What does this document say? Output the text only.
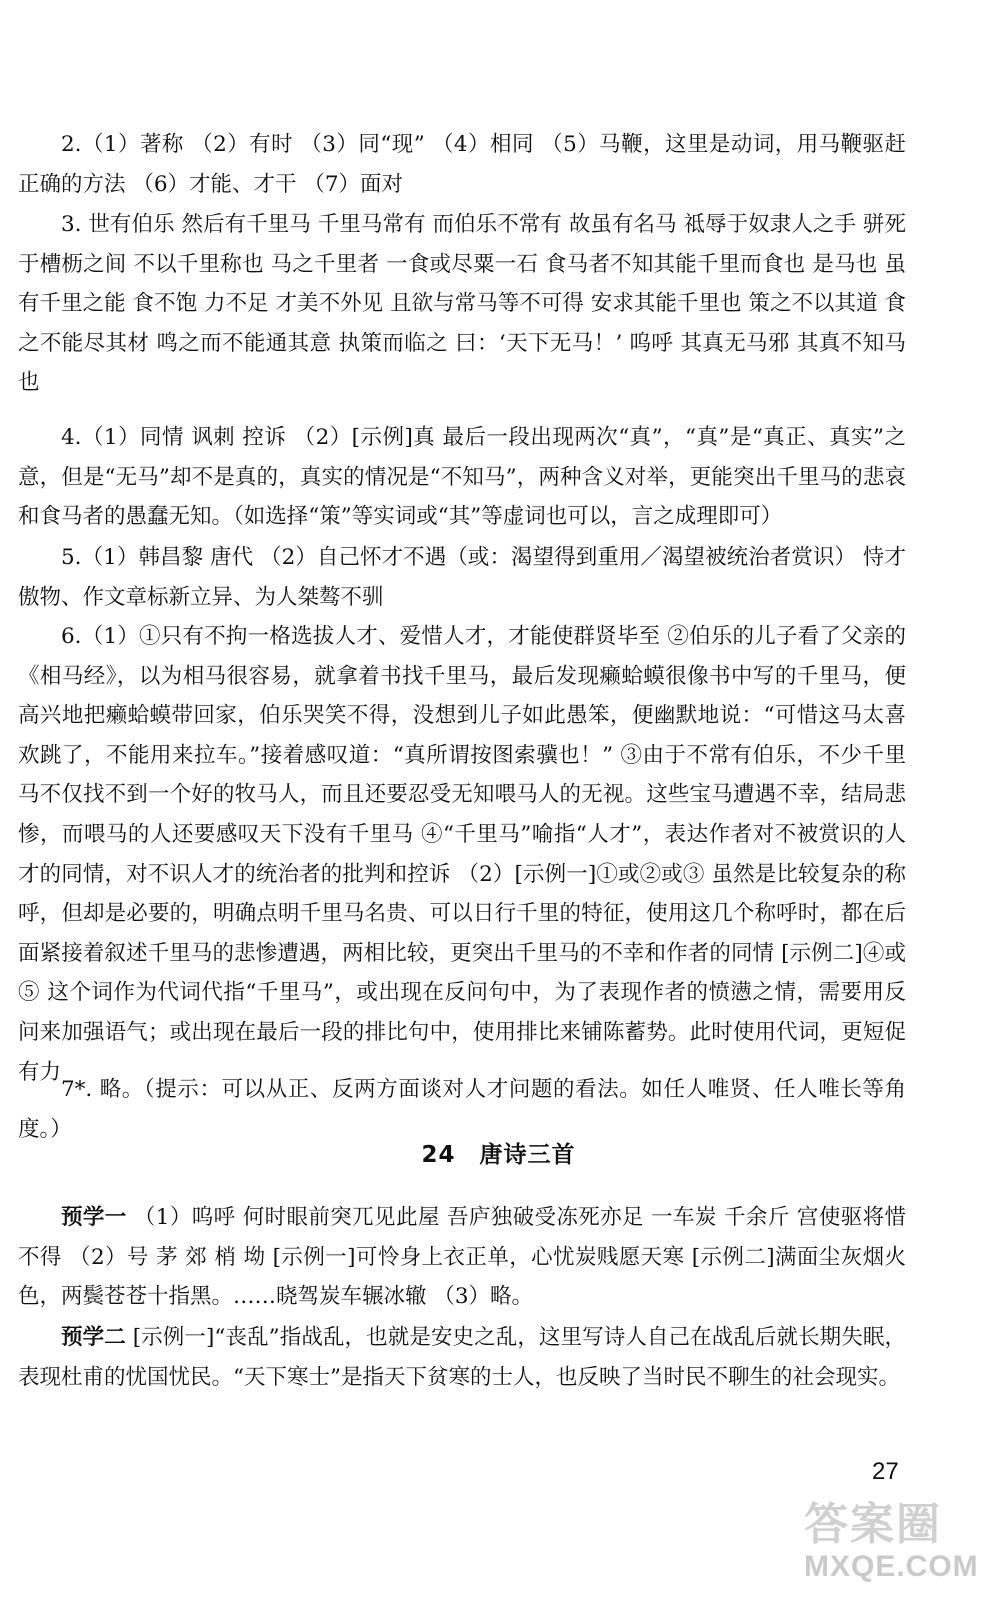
2.（1）著称 （2）有时 （3）同“现” （4）相同 （5）马鞭，这里是动词，用马鞭驱赶 正确的方法 （6）才能、才干 （7）面对

3. 世有伯乐 然后有千里马 千里马常有 而伯乐不常有 故虽有名马 祗辱于奴隶人之手 骈死于槽枥之间 不以千里称也 马之千里者 一食或尽粟一石 食马者不知其能千里而食也 是马也 虽有千里之能 食不饱 力不足 才美不外见 且欲与常马等不可得 安求其能千里也 策之不以其道 食之不能尽其材 鸣之而不能通其意 执策而临之 曰：‘天下无马！’ 呜呼 其真无马邪 其真不知马也

4.（1）同情 讽刺 控诉 （2）[示例]真 最后一段出现两次“真”，“真”是“真正、真实”之意，但是“无马”却不是真的，真实的情况是“不知马”，两种含义对举，更能突出千里马的悲哀和食马者的愚蠢无知。（如选择“策”等实词或“其”等虚词也可以，言之成理即可）

5.（1）韩昌黎 唐代 （2）自己怀才不遇（或：渴望得到重用／渴望被统治者赏识） 恃才傲物、作文章标新立异、为人桀骜不驯

6.（1）①只有不拘一格选拔人才、爱惜人才，才能使群贤毕至 ②伯乐的儿子看了父亲的《相马经》，以为相马很容易，就拿着书找千里马，最后发现癞蛤蟆很像书中写的千里马，便高兴地把癞蛤蟆带回家，伯乐哭笑不得，没想到儿子如此愚笨，便幽默地说：“可惜这马太喜欢跳了，不能用来拉车。”接着感叹道：“真所谓按图索骥也！” ③由于不常有伯乐，不少千里马不仅找不到一个好的牧马人，而且还要忍受无知喂马人的无视。这些宝马遭遇不幸，结局悲惨，而喂马的人还要感叹天下没有千里马 ④“千里马”喻指“人才”，表达作者对不被赏识的人才的同情，对不识人才的统治者的批判和控诉 （2）[示例一]①或②或③ 虽然是比较复杂的称呼，但却是必要的，明确点明千里马名贵、可以日行千里的特征，使用这几个称呼时，都在后面紧接着叙述千里马的悲惨遭遇，两相比较，更突出千里马的不幸和作者的同情 [示例二]④或⑤ 这个词作为代词代指“千里马”，或出现在反问句中，为了表现作者的愤懑之情，需要用反问来加强语气；或出现在最后一段的排比句中，使用排比来铺陈蓄势。此时使用代词，更短促有力

7*. 略。（提示：可以从正、反两方面谈对人才问题的看法。如任人唯贤、任人唯长等角度。）

24　唐诗三首

预学一 （1）呜呼 何时眼前突兀见此屋 吾庐独破受冻死亦足 一车炭 千余斤 宫使驱将惜不得 （2）号 茅 郊 梢 坳 [示例一]可怜身上衣正单，心忧炭贱愿天寒 [示例二]满面尘灰烟火色，两鬓苍苍十指黑。……晓驾炭车辗冰辙 （3）略。

预学二 [示例一]“丧乱”指战乱，也就是安史之乱，这里写诗人自己在战乱后就长期失眠，表现杜甫的忧国忧民。“天下寒士”是指天下贫寒的士人，也反映了当时民不聊生的社会现实。

27
答案圈
MXQE.COM
